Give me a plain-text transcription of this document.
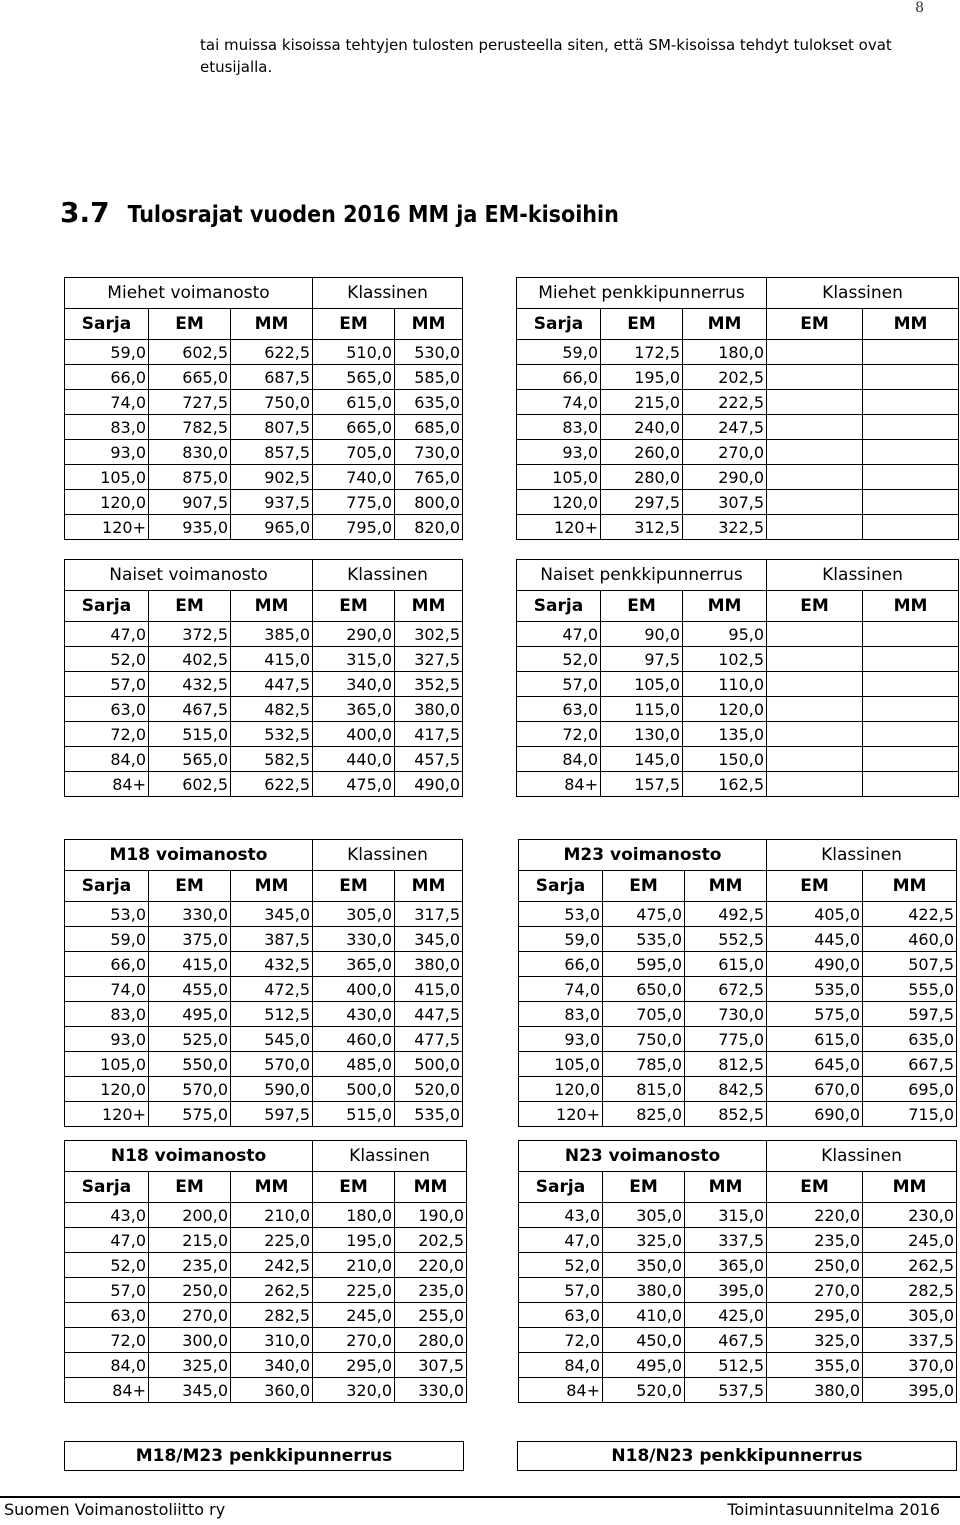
8
tai muissa kisoissa tehtyjen tulosten perusteella siten, että SM-kisoissa tehdyt tulokset ovat etusijalla.
3.7 Tulosrajat vuoden 2016 MM ja EM-kisoihin
Miehet voimanosto			Klassinen	
Sarja	EM	MM	EM	MM
59,0	602,5	622,5	510,0	530,0
66,0	665,0	687,5	565,0	585,0
74,0	727,5	750,0	615,0	635,0
83,0	782,5	807,5	665,0	685,0
93,0	830,0	857,5	705,0	730,0
105,0	875,0	902,5	740,0	765,0
120,0	907,5	937,5	775,0	800,0
120+	935,0	965,0	795,0	820,0
Miehet penkkipunnerrus			Klassinen	
Sarja	EM	MM	EM	MM
59,0	172,5	180,0		
66,0	195,0	202,5		
74,0	215,0	222,5		
83,0	240,0	247,5		
93,0	260,0	270,0		
105,0	280,0	290,0		
120,0	297,5	307,5		
120+	312,5	322,5		
Naiset voimanosto			Klassinen	
Sarja	EM	MM	EM	MM
47,0	372,5	385,0	290,0	302,5
52,0	402,5	415,0	315,0	327,5
57,0	432,5	447,5	340,0	352,5
63,0	467,5	482,5	365,0	380,0
72,0	515,0	532,5	400,0	417,5
84,0	565,0	582,5	440,0	457,5
84+	602,5	622,5	475,0	490,0
Naiset penkkipunnerrus			Klassinen	
Sarja	EM	MM	EM	MM
47,0	90,0	95,0		
52,0	97,5	102,5		
57,0	105,0	110,0		
63,0	115,0	120,0		
72,0	130,0	135,0		
84,0	145,0	150,0		
84+	157,5	162,5		
M18 voimanosto			Klassinen	
Sarja	EM	MM	EM	MM
53,0	330,0	345,0	305,0	317,5
59,0	375,0	387,5	330,0	345,0
66,0	415,0	432,5	365,0	380,0
74,0	455,0	472,5	400,0	415,0
83,0	495,0	512,5	430,0	447,5
93,0	525,0	545,0	460,0	477,5
105,0	550,0	570,0	485,0	500,0
120,0	570,0	590,0	500,0	520,0
120+	575,0	597,5	515,0	535,0
M23 voimanosto			Klassinen	
Sarja	EM	MM	EM	MM
53,0	475,0	492,5	405,0	422,5
59,0	535,0	552,5	445,0	460,0
66,0	595,0	615,0	490,0	507,5
74,0	650,0	672,5	535,0	555,0
83,0	705,0	730,0	575,0	597,5
93,0	750,0	775,0	615,0	635,0
105,0	785,0	812,5	645,0	667,5
120,0	815,0	842,5	670,0	695,0
120+	825,0	852,5	690,0	715,0
N18 voimanosto			Klassinen	
Sarja	EM	MM	EM	MM
43,0	200,0	210,0	180,0	190,0
47,0	215,0	225,0	195,0	202,5
52,0	235,0	242,5	210,0	220,0
57,0	250,0	262,5	225,0	235,0
63,0	270,0	282,5	245,0	255,0
72,0	300,0	310,0	270,0	280,0
84,0	325,0	340,0	295,0	307,5
84+	345,0	360,0	320,0	330,0
N23 voimanosto			Klassinen	
Sarja	EM	MM	EM	MM
43,0	305,0	315,0	220,0	230,0
47,0	325,0	337,5	235,0	245,0
52,0	350,0	365,0	250,0	262,5
57,0	380,0	395,0	270,0	282,5
63,0	410,0	425,0	295,0	305,0
72,0	450,0	467,5	325,0	337,5
84,0	495,0	512,5	355,0	370,0
84+	520,0	537,5	380,0	395,0
M18/M23 penkkipunnerrus	N18/N23 penkkipunnerrus
Suomen Voimanostoliitto ry	Toimintasuunnitelma 2016
